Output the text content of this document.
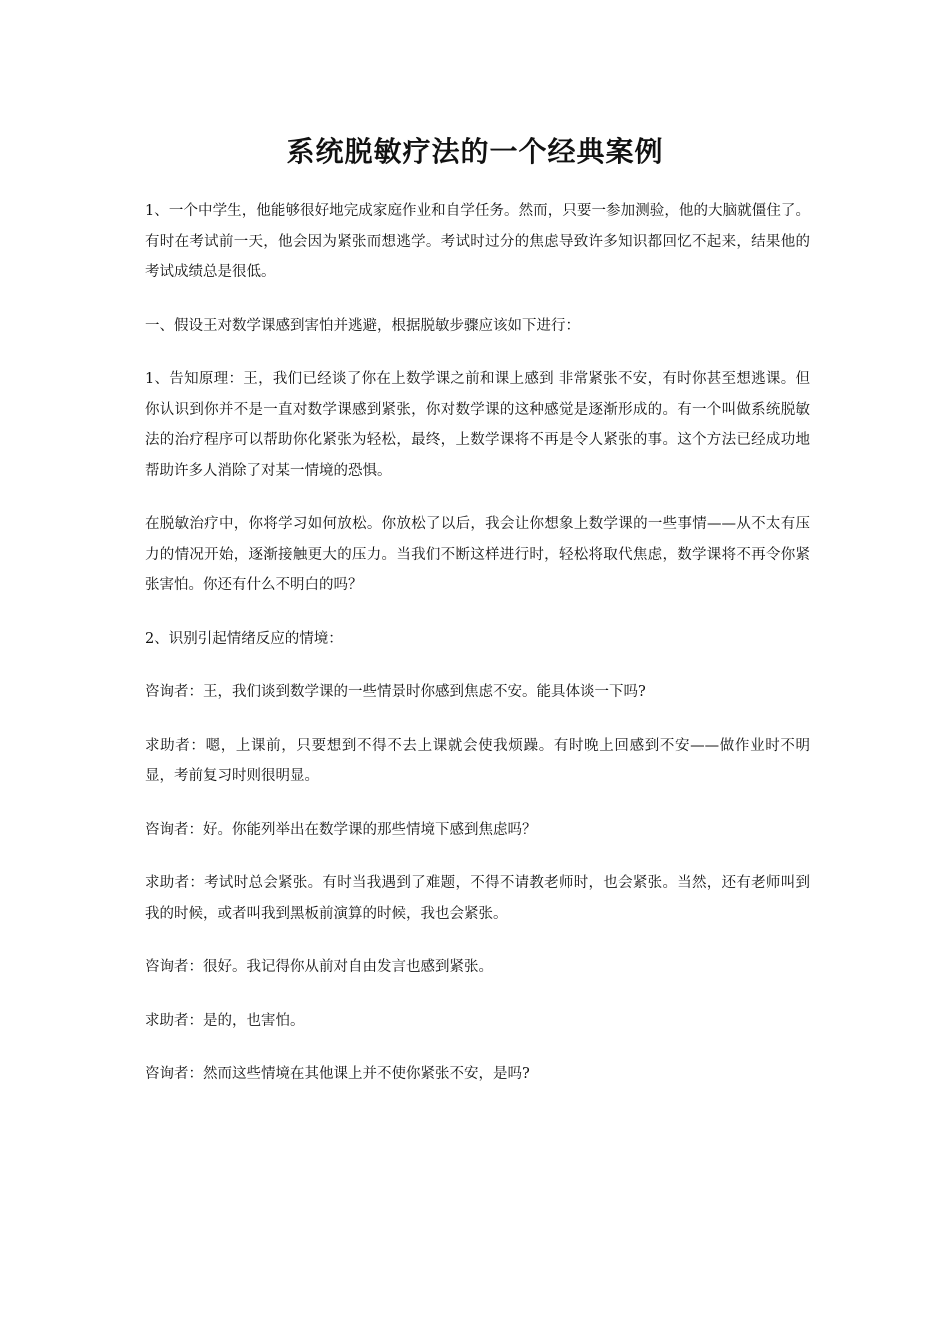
系统脱敏疗法的一个经典案例

1、一个中学生，他能够很好地完成家庭作业和自学任务。然而，只要一参加测验，他的大脑就僵住了。有时在考试前一天，他会因为紧张而想逃学。考试时过分的焦虑导致许多知识都回忆不起来，结果他的考试成绩总是很低。

一、假设王对数学课感到害怕并逃避，根据脱敏步骤应该如下进行：

1、告知原理：王，我们已经谈了你在上数学课之前和课上感到 非常紧张不安，有时你甚至想逃课。但你认识到你并不是一直对数学课感到紧张，你对数学课的这种感觉是逐渐形成的。有一个叫做系统脱敏法的治疗程序可以帮助你化紧张为轻松，最终，上数学课将不再是令人紧张的事。这个方法已经成功地帮助许多人消除了对某一情境的恐惧。

在脱敏治疗中，你将学习如何放松。你放松了以后，我会让你想象上数学课的一些事情——从不太有压力的情况开始，逐渐接触更大的压力。当我们不断这样进行时，轻松将取代焦虑，数学课将不再令你紧张害怕。你还有什么不明白的吗？

2、识别引起情绪反应的情境：

咨询者：王，我们谈到数学课的一些情景时你感到焦虑不安。能具体谈一下吗?

求助者：嗯，上课前，只要想到不得不去上课就会使我烦躁。有时晚上回感到不安——做作业时不明显，考前复习时则很明显。

咨询者：好。你能列举出在数学课的那些情境下感到焦虑吗？

求助者：考试时总会紧张。有时当我遇到了难题，不得不请教老师时，也会紧张。当然，还有老师叫到我的时候，或者叫我到黑板前演算的时候，我也会紧张。

咨询者：很好。我记得你从前对自由发言也感到紧张。

求助者：是的，也害怕。

咨询者：然而这些情境在其他课上并不使你紧张不安，是吗?
